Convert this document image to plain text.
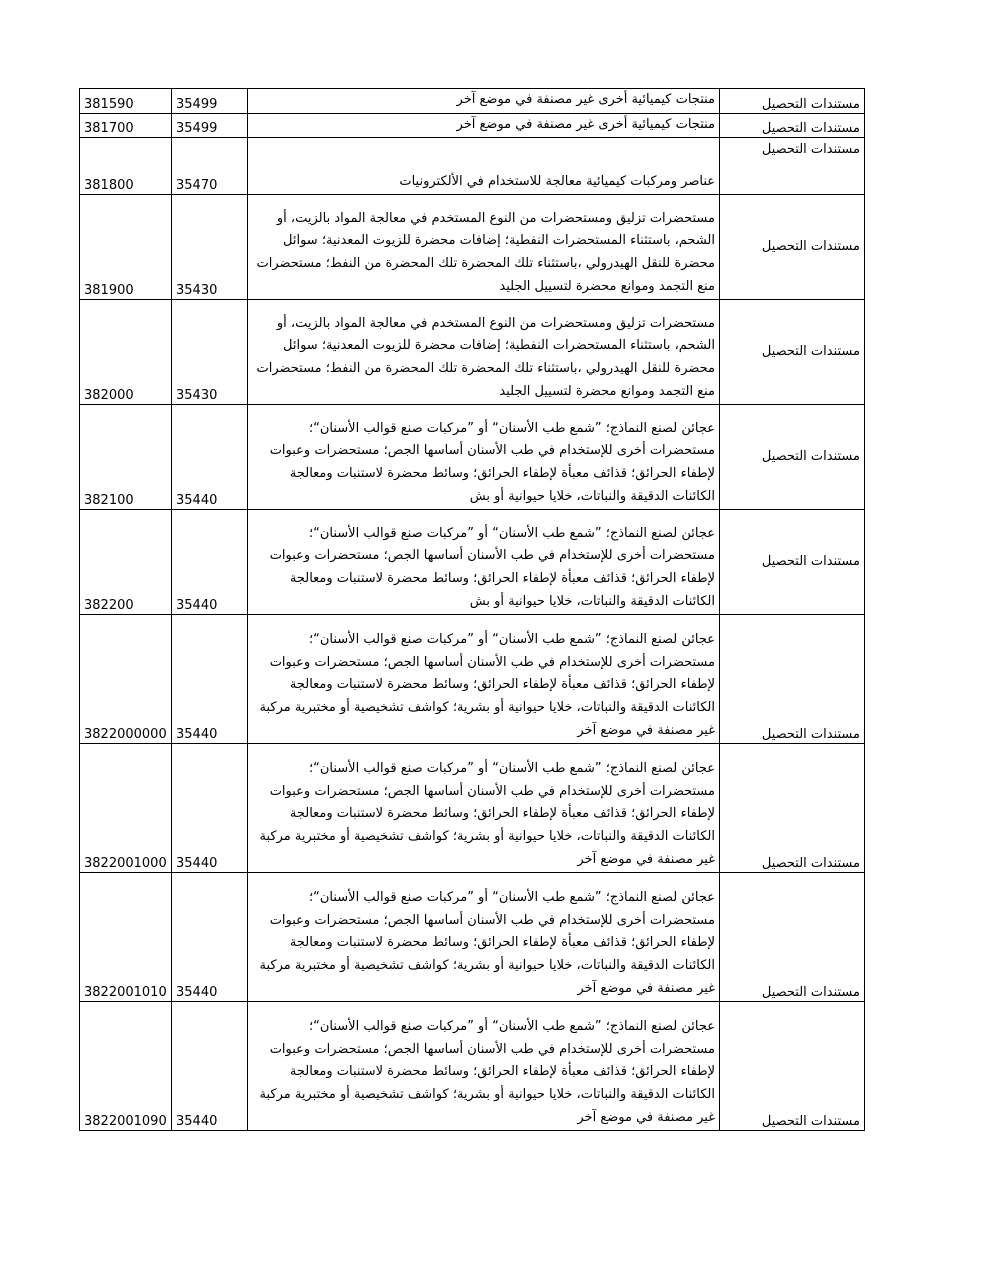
381590	35499	منتجات كيميائية أخرى غير مصنفة في موضع آخر	مستندات التحصيل
381700	35499	منتجات كيميائية أخرى غير مصنفة في موضع آخر	مستندات التحصيل
381800	35470	عناصر ومركبات كيميائية معالجة للاستخدام في الألكترونيات	مستندات التحصيل
381900	35430	مستحضرات تزليق ومستحضرات من النوع المستخدم في معالجة المواد بالزيت، أو الشحم، باستثناء المستحضرات النفطية؛ إضافات محضرة للزيوت المعدنية؛ سوائل محضرة للنقل الهيدرولي ،باستثناء تلك المحضرة تلك المحضرة من النفط؛ مستحضرات منع التجمد وموانع محضرة لتسييل الجليد	مستندات التحصيل
382000	35430	مستحضرات تزليق ومستحضرات من النوع المستخدم في معالجة المواد بالزيت، أو الشحم، باستثناء المستحضرات النفطية؛ إضافات محضرة للزيوت المعدنية؛ سوائل محضرة للنقل الهيدرولي ،باستثناء تلك المحضرة تلك المحضرة من النفط؛ مستحضرات منع التجمد وموانع محضرة لتسييل الجليد	مستندات التحصيل
382100	35440	عجائن لصنع النماذج؛ ”شمع طب الأسنان“ أو ”مركبات صنع قوالب الأسنان“؛ مستحضرات أخرى للإستخدام في طب الأسنان أساسها الجص؛ مستحضرات وعبوات لإطفاء الحرائق؛ قذائف معبأة لإطفاء الحرائق؛ وسائط محضرة لاستنبات ومعالجة الكائنات الدقيقة والنباتات، خلايا حيوانية أو بش	مستندات التحصيل
382200	35440	عجائن لصنع النماذج؛ ”شمع طب الأسنان“ أو ”مركبات صنع قوالب الأسنان“؛ مستحضرات أخرى للإستخدام في طب الأسنان أساسها الجص؛ مستحضرات وعبوات لإطفاء الحرائق؛ قذائف معبأة لإطفاء الحرائق؛ وسائط محضرة لاستنبات ومعالجة الكائنات الدقيقة والنباتات، خلايا حيوانية أو بش	مستندات التحصيل
3822000000	35440	عجائن لصنع النماذج؛ ”شمع طب الأسنان“ أو ”مركبات صنع قوالب الأسنان“؛ مستحضرات أخرى للإستخدام في طب الأسنان أساسها الجص؛ مستحضرات وعبوات لإطفاء الحرائق؛ قذائف معبأة لإطفاء الحرائق؛ وسائط محضرة لاستنبات ومعالجة الكائنات الدقيقة والنباتات، خلايا حيوانية أو بشرية؛ كواشف تشخيصية أو مختبرية مركبة غير مصنفة في موضع آخر	مستندات التحصيل
3822001000	35440	عجائن لصنع النماذج؛ ”شمع طب الأسنان“ أو ”مركبات صنع قوالب الأسنان“؛ مستحضرات أخرى للإستخدام في طب الأسنان أساسها الجص؛ مستحضرات وعبوات لإطفاء الحرائق؛ قذائف معبأة لإطفاء الحرائق؛ وسائط محضرة لاستنبات ومعالجة الكائنات الدقيقة والنباتات، خلايا حيوانية أو بشرية؛ كواشف تشخيصية أو مختبرية مركبة غير مصنفة في موضع آخر	مستندات التحصيل
3822001010	35440	عجائن لصنع النماذج؛ ”شمع طب الأسنان“ أو ”مركبات صنع قوالب الأسنان“؛ مستحضرات أخرى للإستخدام في طب الأسنان أساسها الجص؛ مستحضرات وعبوات لإطفاء الحرائق؛ قذائف معبأة لإطفاء الحرائق؛ وسائط محضرة لاستنبات ومعالجة الكائنات الدقيقة والنباتات، خلايا حيوانية أو بشرية؛ كواشف تشخيصية أو مختبرية مركبة غير مصنفة في موضع آخر	مستندات التحصيل
3822001090	35440	عجائن لصنع النماذج؛ ”شمع طب الأسنان“ أو ”مركبات صنع قوالب الأسنان“؛ مستحضرات أخرى للإستخدام في طب الأسنان أساسها الجص؛ مستحضرات وعبوات لإطفاء الحرائق؛ قذائف معبأة لإطفاء الحرائق؛ وسائط محضرة لاستنبات ومعالجة الكائنات الدقيقة والنباتات، خلايا حيوانية أو بشرية؛ كواشف تشخيصية أو مختبرية مركبة غير مصنفة في موضع آخر	مستندات التحصيل
